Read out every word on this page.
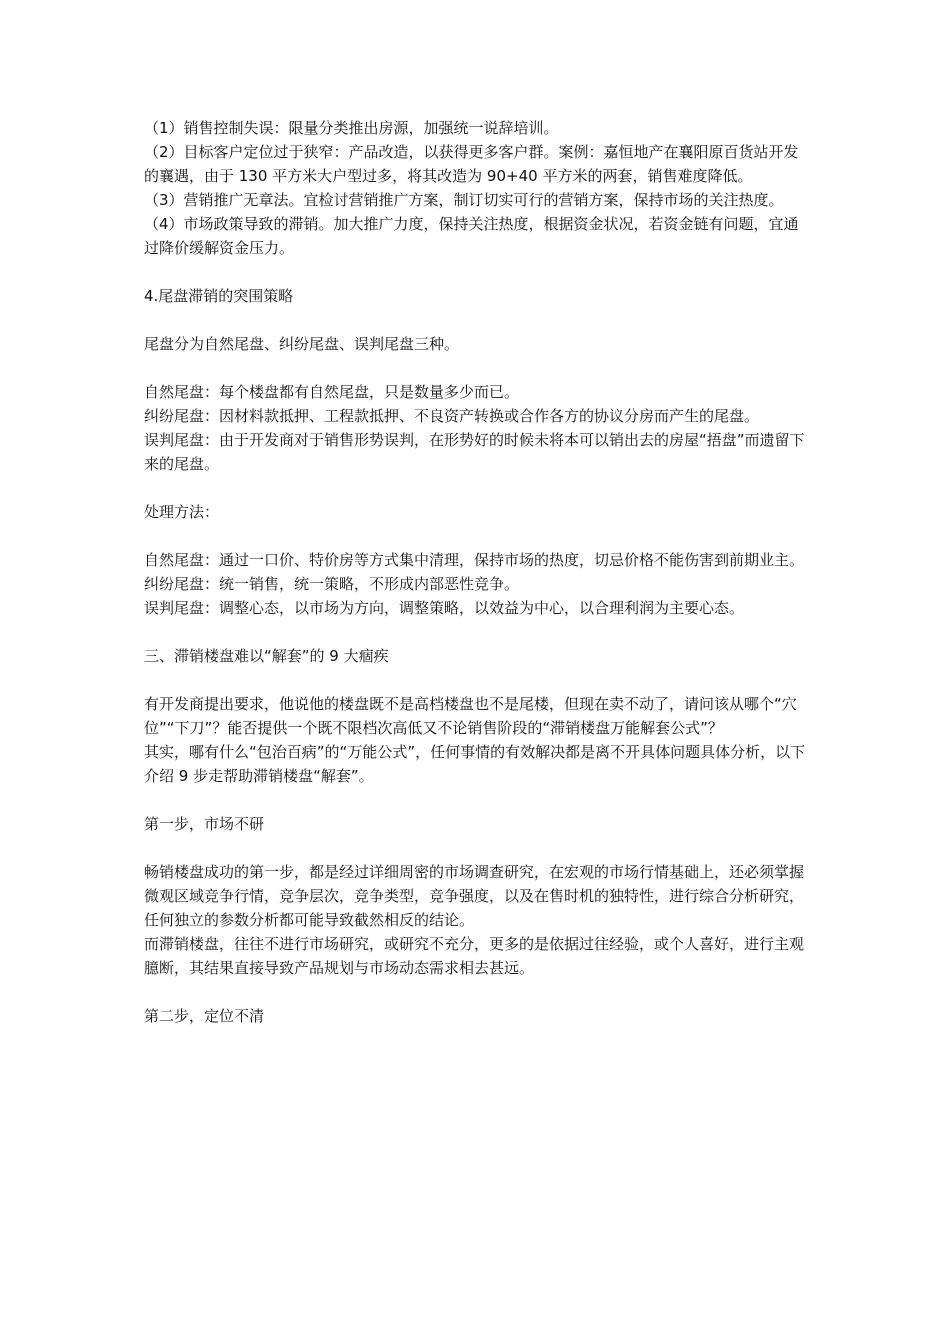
（1）销售控制失误：限量分类推出房源，加强统一说辞培训。

（2）目标客户定位过于狭窄：产品改造，以获得更多客户群。案例：嘉恒地产在襄阳原百货站开发的襄遇，由于 130 平方米大户型过多，将其改造为 90+40 平方米的两套，销售难度降低。

（3）营销推广无章法。宜检讨营销推广方案，制订切实可行的营销方案，保持市场的关注热度。

（4）市场政策导致的滞销。加大推广力度，保持关注热度，根据资金状况，若资金链有问题，宜通过降价缓解资金压力。

4.尾盘滞销的突围策略

尾盘分为自然尾盘、纠纷尾盘、误判尾盘三种。

自然尾盘：每个楼盘都有自然尾盘，只是数量多少而已。

纠纷尾盘：因材料款抵押、工程款抵押、不良资产转换或合作各方的协议分房而产生的尾盘。

误判尾盘：由于开发商对于销售形势误判，在形势好的时候未将本可以销出去的房屋“捂盘”而遗留下来的尾盘。

处理方法：

自然尾盘：通过一口价、特价房等方式集中清理，保持市场的热度，切忌价格不能伤害到前期业主。

纠纷尾盘：统一销售，统一策略，不形成内部恶性竞争。

误判尾盘：调整心态，以市场为方向，调整策略，以效益为中心，以合理利润为主要心态。

三、滞销楼盘难以“解套”的 9 大痼疾

有开发商提出要求，他说他的楼盘既不是高档楼盘也不是尾楼，但现在卖不动了，请问该从哪个“穴位”“下刀”？能否提供一个既不限档次高低又不论销售阶段的“滞销楼盘万能解套公式”？

其实，哪有什么“包治百病”的“万能公式”，任何事情的有效解决都是离不开具体问题具体分析，以下介绍 9 步走帮助滞销楼盘“解套”。

第一步，市场不研

畅销楼盘成功的第一步，都是经过详细周密的市场调查研究，在宏观的市场行情基础上，还必须掌握微观区域竞争行情，竞争层次，竞争类型，竞争强度，以及在售时机的独特性，进行综合分析研究，任何独立的参数分析都可能导致截然相反的结论。

而滞销楼盘，往往不进行市场研究，或研究不充分，更多的是依据过往经验，或个人喜好，进行主观臆断，其结果直接导致产品规划与市场动态需求相去甚远。

第二步，定位不清
